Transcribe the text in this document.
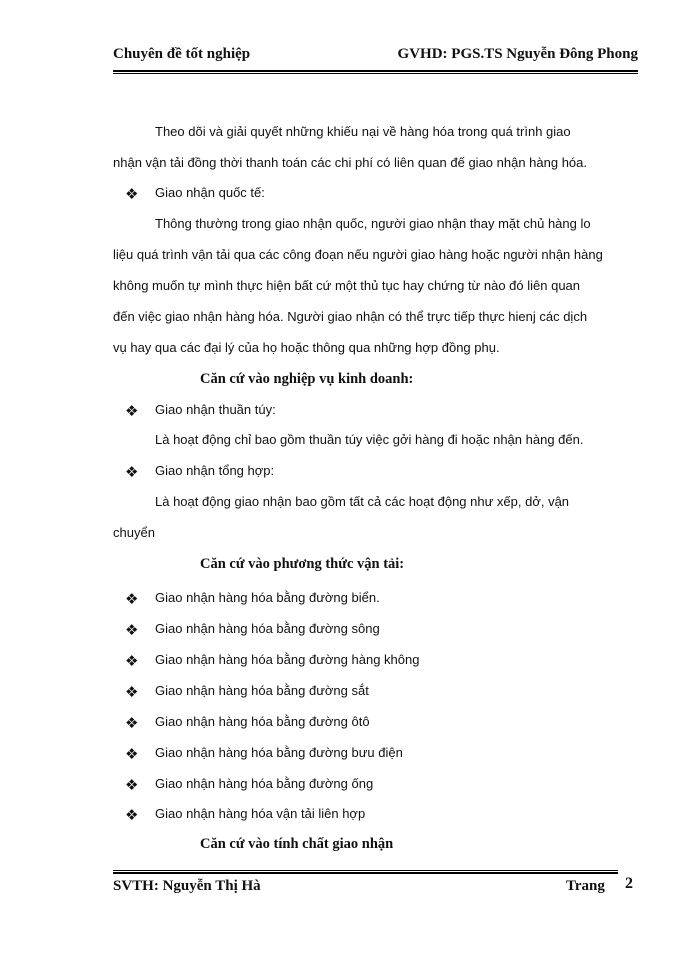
Chuyên đề tốt nghiệp	GVHD: PGS.TS Nguyễn Đông Phong
Theo dõi và giải quyết những khiếu nại về hàng hóa trong quá trình giao
nhận vận tải đồng thời thanh toán các chi phí có liên quan đế giao nhận hàng hóa.
❖ Giao nhận quốc tế:
Thông thường trong giao nhận quốc, người giao nhận thay mặt chủ hàng lo
liệu quá trình vận tải qua các công đoạn nếu người giao hàng hoặc người nhận hàng
không muốn tự mình thực hiện bất cứ một thủ tục hay chứng từ nào đó liên quan
đến việc giao nhận hàng hóa. Người giao nhận có thể trực tiếp thực hienj các dịch
vụ hay qua các đại lý của họ hoặc thông qua những hợp đồng phụ.
Căn cứ vào nghiệp vụ kinh doanh:
❖ Giao nhận thuần túy:
Là hoạt động chỉ bao gồm thuần túy việc gởi hàng đi hoặc nhận hàng đến.
❖ Giao nhận tổng hợp:
Là hoạt động giao nhận bao gồm tất cả các hoạt động như xếp, dở, vận
chuyển
Căn cứ vào phương thức vận tải:
❖ Giao nhận hàng hóa bằng đường biển.
❖ Giao nhận hàng hóa bằng đường sông
❖ Giao nhận hàng hóa bằng đường hàng không
❖ Giao nhận hàng hóa bằng đường sắt
❖ Giao nhận hàng hóa bằng đường ôtô
❖ Giao nhận hàng hóa bằng đường bưu điện
❖ Giao nhận hàng hóa bằng đường ống
❖ Giao nhận hàng hóa vận tải liên hợp
Căn cứ vào tính chất giao nhận
SVTH: Nguyễn Thị Hà	Trang 2
